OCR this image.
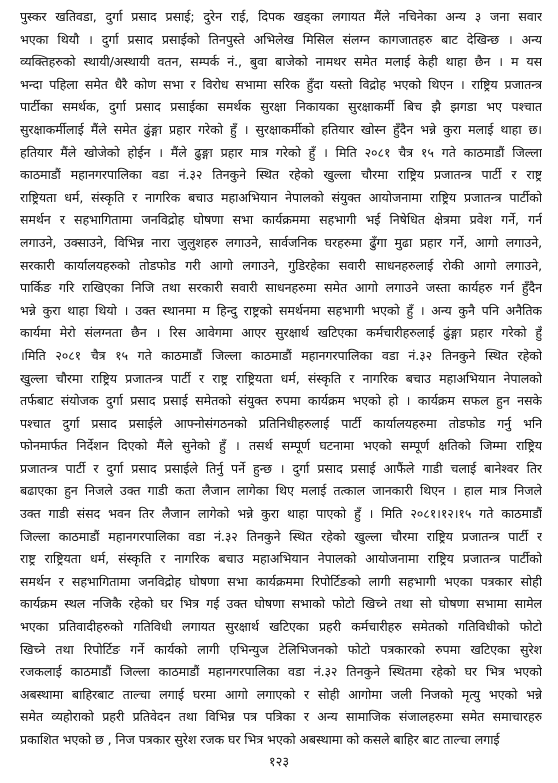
पुस्कर खतिवडा, दुर्गा प्रसाद प्रसाई; दुरेन राई, दिपक खड्का लगायत मैंले नचिनेका अन्य ३ जना सवार
भएका थियौ । दुर्गा प्रसाद प्रसाईको तिनपुस्ते अभिलेख मिसिल संलग्न कागजातहरु बाट देखिन्छ । अन्य
व्यक्तिहरुको स्थायी/अस्थायी वतन, सम्पर्क नं., बुवा बाजेको नामथर समेत मलाई केही थाहा छैन । म यस
भन्दा पहिला समेत धैरै कोण सभा र विरोध सभामा सरिक हुँदा यस्तो विद्रोह भएको थिएन । राष्ट्रिय प्रजातन्त्र
पार्टीका समर्थक, दुर्गा प्रसाद प्रसाईका समर्थक सुरक्षा निकायका सुरक्षाकर्मी बिच झै झगडा भए पश्चात
सुरक्षाकर्मीलाई मैंले समेत ढुंङ्गा प्रहार गरेको हुँ । सुरक्षाकर्मीको हतियार खोस्न हुँदैन भन्ने कुरा मलाई थाहा छ।
हतियार मैंले खोजेको होईन । मैंले ढुङ्गा प्रहार मात्र गरेको हुँ । मिति २०८१ चैत्र १५ गते काठमाडौं जिल्ला
काठमाडौं महानगरपालिका वडा नं.३२ तिनकुने स्थित रहेको खुल्ला चौरमा राष्ट्रिय प्रजातन्त्र पार्टी र राष्ट्र
राष्ट्रियता धर्म, संस्कृति र नागरिक बचाउ महाअभियान नेपालको संयुक्त आयोजनामा राष्ट्रिय प्रजातन्त्र पार्टीको
समर्थन र सहभागितामा जनविद्रोह घोषणा सभा कार्यक्रममा सहभागी भई निषेधित क्षेत्रमा प्रवेश गर्ने, गर्न
लगाउने, उक्साउने, विभिन्न नारा जुलुशहरु लगाउने, सार्वजनिक घरहरुमा ढुँगा मुढा प्रहार गर्ने, आगो लगाउने,
सरकारी कार्यालयहरुको तोडफोड गरी आगो लगाउने, गुडिरहेका सवारी साधनहरुलाई रोकी आगो लगाउने,
पार्किङ गरि राखिएका निजि तथा सरकारी सवारी साधनहरुमा समेत आगो लगाउने जस्ता कार्यहरु गर्न हुँदैन
भन्ने कुरा थाहा थियो । उक्त स्थानमा म हिन्दु राष्ट्रको समर्थनमा सहभागी भएको हुँ । अन्य कुनै पनि अनैतिक
कार्यमा मेरो संलग्नता छैन । रिस आवेगमा आएर सुरक्षार्थ खटिएका कर्मचारीहरुलाई ढुंङ्गा प्रहार गरेको हुँ
।मिति २०८१ चैत्र १५ गते काठमाडौं जिल्ला काठमाडौं महानगरपालिका वडा नं.३२ तिनकुने स्थित रहेको
खुल्ला चौरमा राष्ट्रिय प्रजातन्त्र पार्टी र राष्ट्र राष्ट्रियता धर्म, संस्कृति र नागरिक बचाउ महाअभियान नेपालको
तर्फबाट संयोजक दुर्गा प्रसाद प्रसाई समेतको संयुक्त रुपमा कार्यक्रम भएको हो । कार्यक्रम सफल हुन नसके
पश्चात दुर्गा प्रसाद प्रसाईले आफ्नोसंगठनको प्रतिनिधीहरुलाई पार्टी कार्यालयहरुमा तोडफोड गर्नु भनि
फोनमार्फत निर्देशन दिएको मैंले सुनेको हुँ । तसर्थ सम्पूर्ण घटनामा भएको सम्पूर्ण क्षतिको जिम्मा राष्ट्रिय
प्रजातन्त्र पार्टी र दुर्गा प्रसाद प्रसाईले तिर्नु पर्ने हुन्छ । दुर्गा प्रसाद प्रसाई आफैंले गाडी चलाई बानेश्वर तिर
बढाएका हुन निजले उक्त गाडी कता लैजान लागेका थिए मलाई तत्काल जानकारी थिएन । हाल मात्र निजले
उक्त गाडी संसद भवन तिर लैजान लागेको भन्ने कुरा थाहा पाएको हुँ । मिति २०८१।१२।१५ गते काठमाडौं
जिल्ला काठमाडौं महानगरपालिका वडा नं.३२ तिनकुने स्थित रहेको खुल्ला चौरमा राष्ट्रिय प्रजातन्त्र पार्टी र
राष्ट्र राष्ट्रियता धर्म, संस्कृति र नागरिक बचाउ महाअभियान नेपालको आयोजनामा राष्ट्रिय प्रजातन्त्र पार्टीको
समर्थन र सहभागितामा जनविद्रोह घोषणा सभा कार्यक्रममा रिपोर्टिङको लागी सहभागी भएका पत्रकार सोही
कार्यक्रम स्थल नजिकै रहेको घर भित्र गई उक्त घोषणा सभाको फोटो खिच्ने तथा सो घोषणा सभामा सामेल
भएका प्रतिवादीहरुको गतिविधी लगायत सुरक्षार्थ खटिएका प्रहरी कर्मचारीहरु समेतको गतिविधीको फोटो
खिच्ने तथा रिपोर्टिङ गर्ने कार्यको लागी एभिन्युज टेलिभिजनको फोटो पत्रकारको रुपमा खटिएका सुरेश
रजकलाई काठमाडौं जिल्ला काठमाडौं महानगरपालिका वडा नं.३२ तिनकुने स्थितमा रहेको घर भित्र भएको
अबस्थामा बाहिरबाट ताल्चा लगाई घरमा आगो लगाएको र सोही आगोमा जली निजको मृत्यु भएको भन्ने
समेत व्यहोराको प्रहरी प्रतिवेदन तथा विभिन्न पत्र पत्रिका र अन्य सामाजिक संजालहरुमा समेत समाचारहरु
प्रकाशित भएको छ , निज पत्रकार सुरेश रजक घर भित्र भएको अबस्थामा को कसले बाहिर बाट ताल्चा लगाई
१२३
